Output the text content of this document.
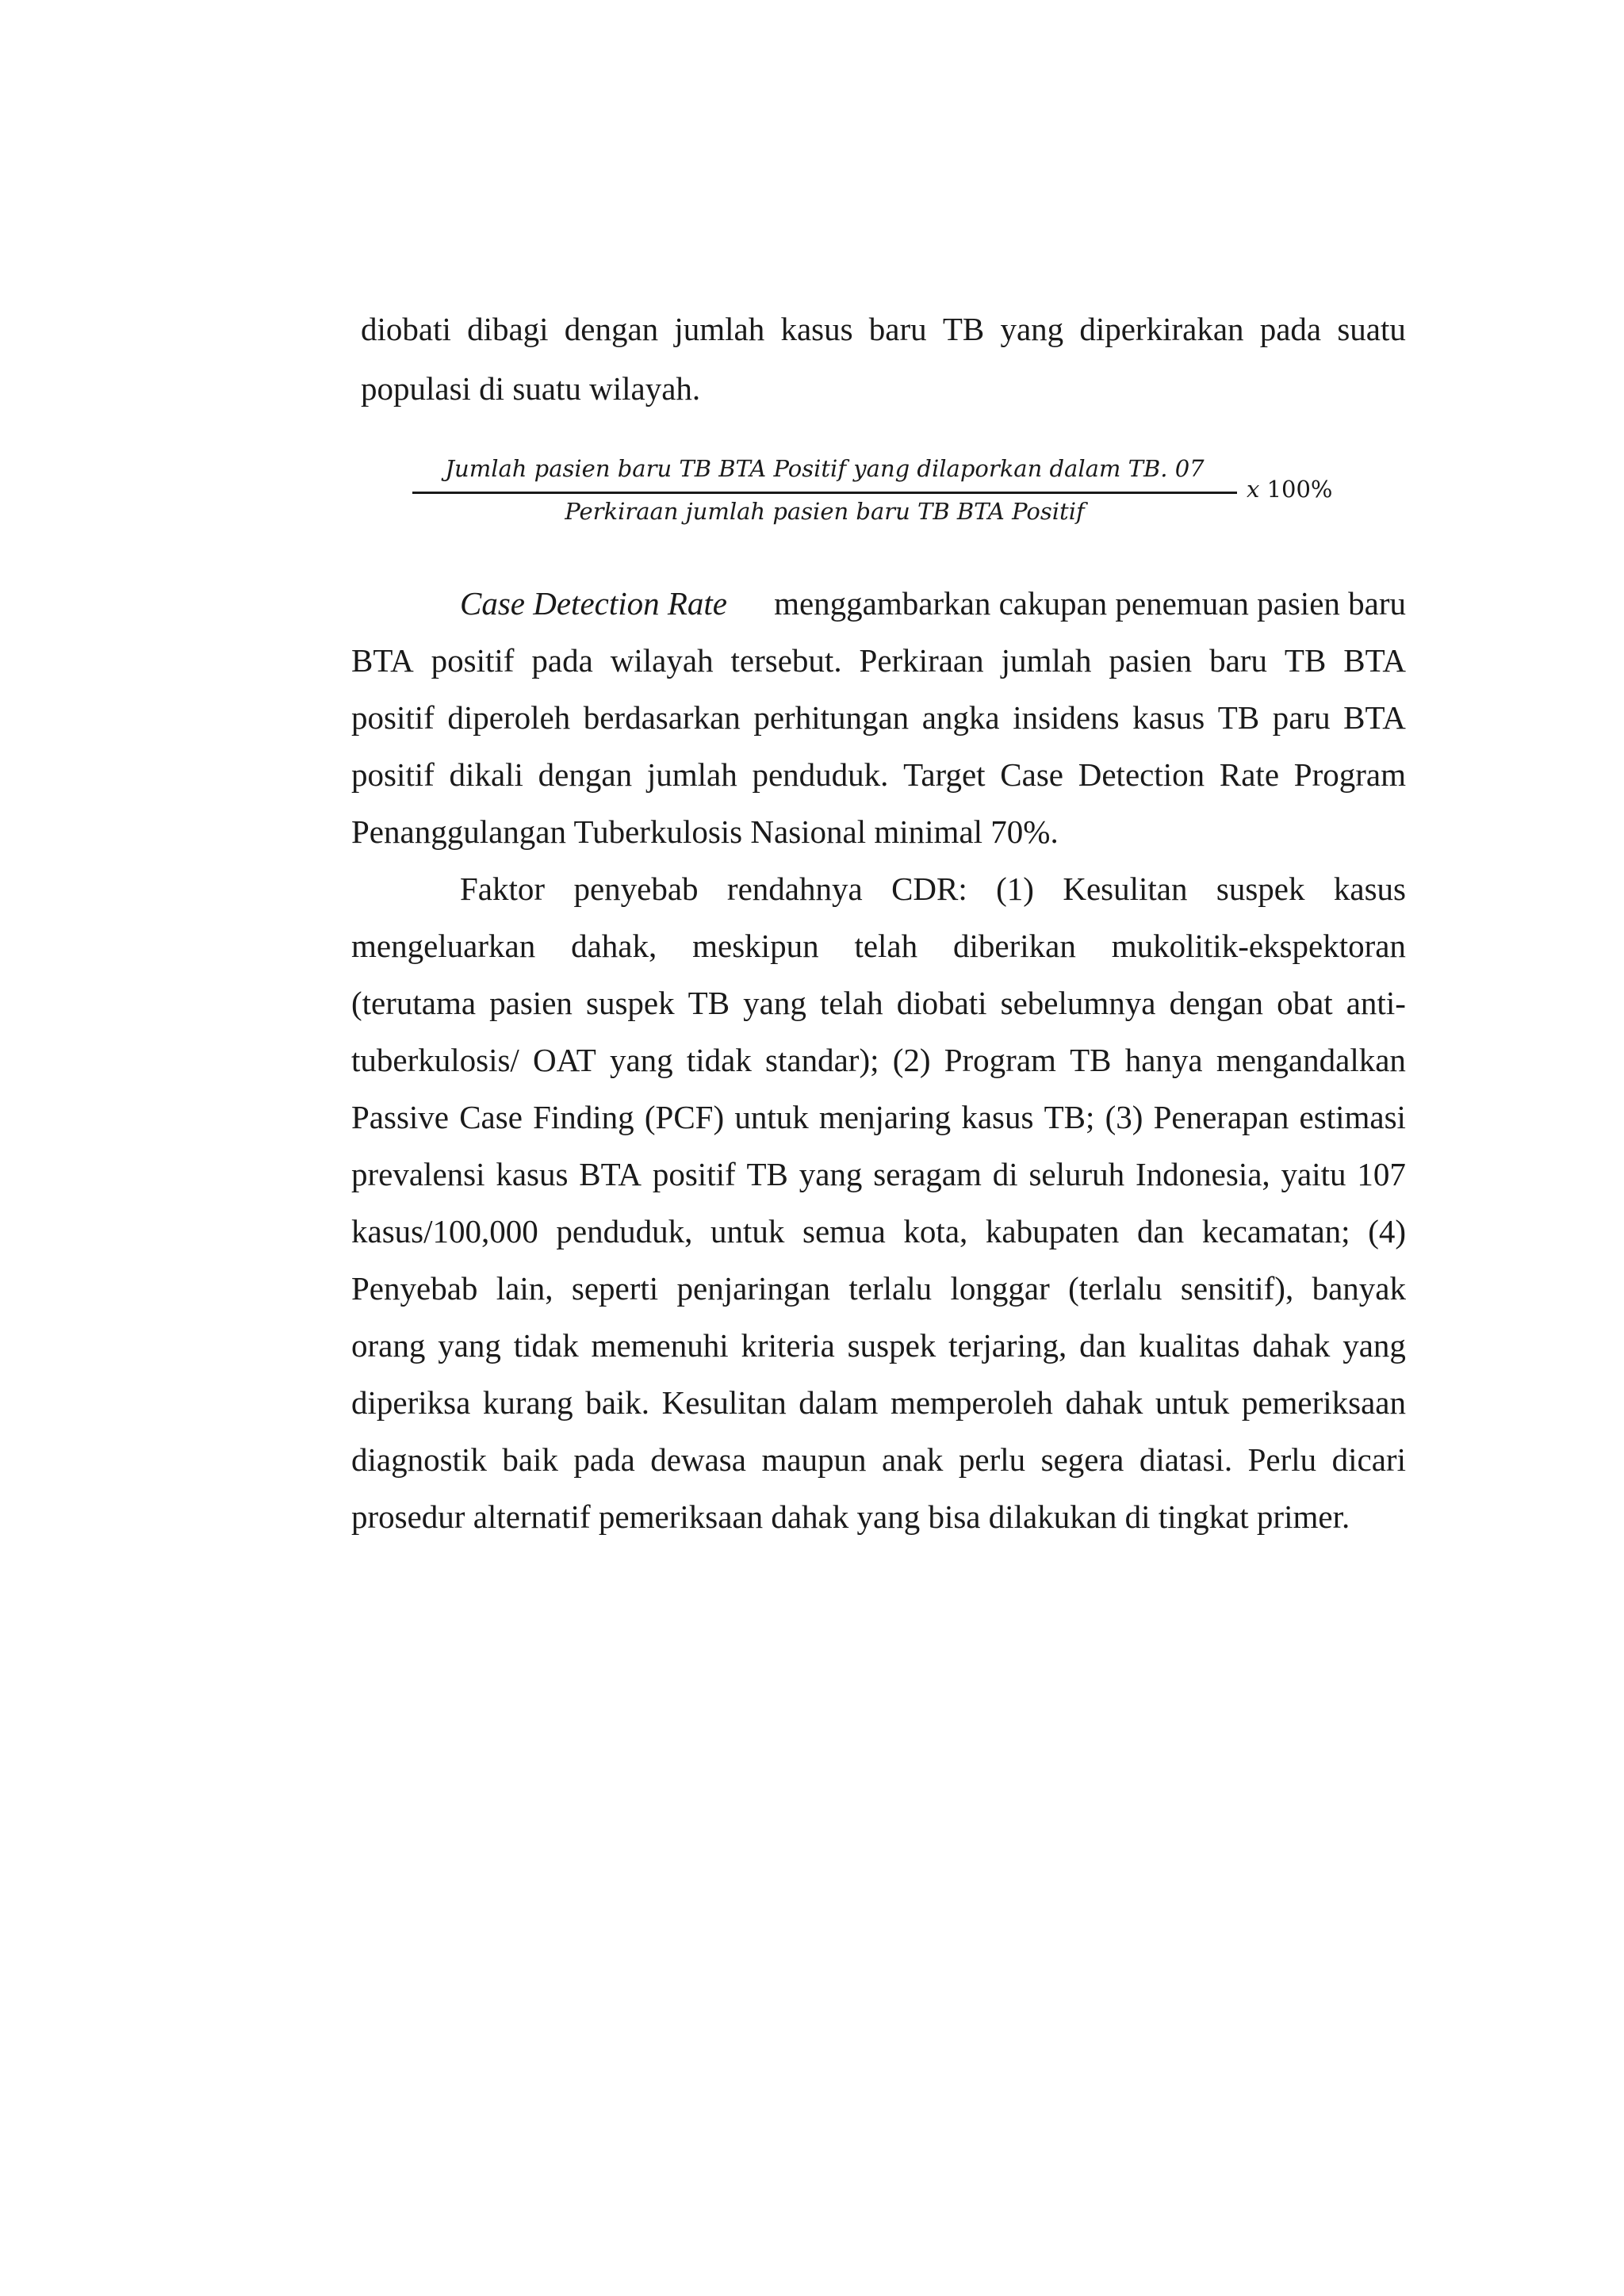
diobati dibagi dengan jumlah kasus baru TB yang diperkirakan pada suatu
populasi di suatu wilayah.
Jumlah pasien baru TB BTA Positif yang dilaporkan dalam TB. 07
Perkiraan jumlah pasien baru TB BTA Positif
x 100%
Case Detection Rate menggambarkan cakupan penemuan pasien baru
BTA positif pada wilayah tersebut. Perkiraan jumlah pasien baru TB BTA
positif diperoleh berdasarkan perhitungan angka insidens kasus TB paru BTA
positif dikali dengan jumlah penduduk. Target Case Detection Rate Program
Penanggulangan Tuberkulosis Nasional minimal 70%.
Faktor penyebab rendahnya CDR: (1) Kesulitan suspek kasus
mengeluarkan dahak, meskipun telah diberikan mukolitik-ekspektoran
(terutama pasien suspek TB yang telah diobati sebelumnya dengan obat anti-
tuberkulosis/ OAT yang tidak standar); (2) Program TB hanya mengandalkan
Passive Case Finding (PCF) untuk menjaring kasus TB; (3) Penerapan estimasi
prevalensi kasus BTA positif TB yang seragam di seluruh Indonesia, yaitu 107
kasus/100,000 penduduk, untuk semua kota, kabupaten dan kecamatan; (4)
Penyebab lain, seperti penjaringan terlalu longgar (terlalu sensitif), banyak
orang yang tidak memenuhi kriteria suspek terjaring, dan kualitas dahak yang
diperiksa kurang baik. Kesulitan dalam memperoleh dahak untuk pemeriksaan
diagnostik baik pada dewasa maupun anak perlu segera diatasi. Perlu dicari
prosedur alternatif pemeriksaan dahak yang bisa dilakukan di tingkat primer.
